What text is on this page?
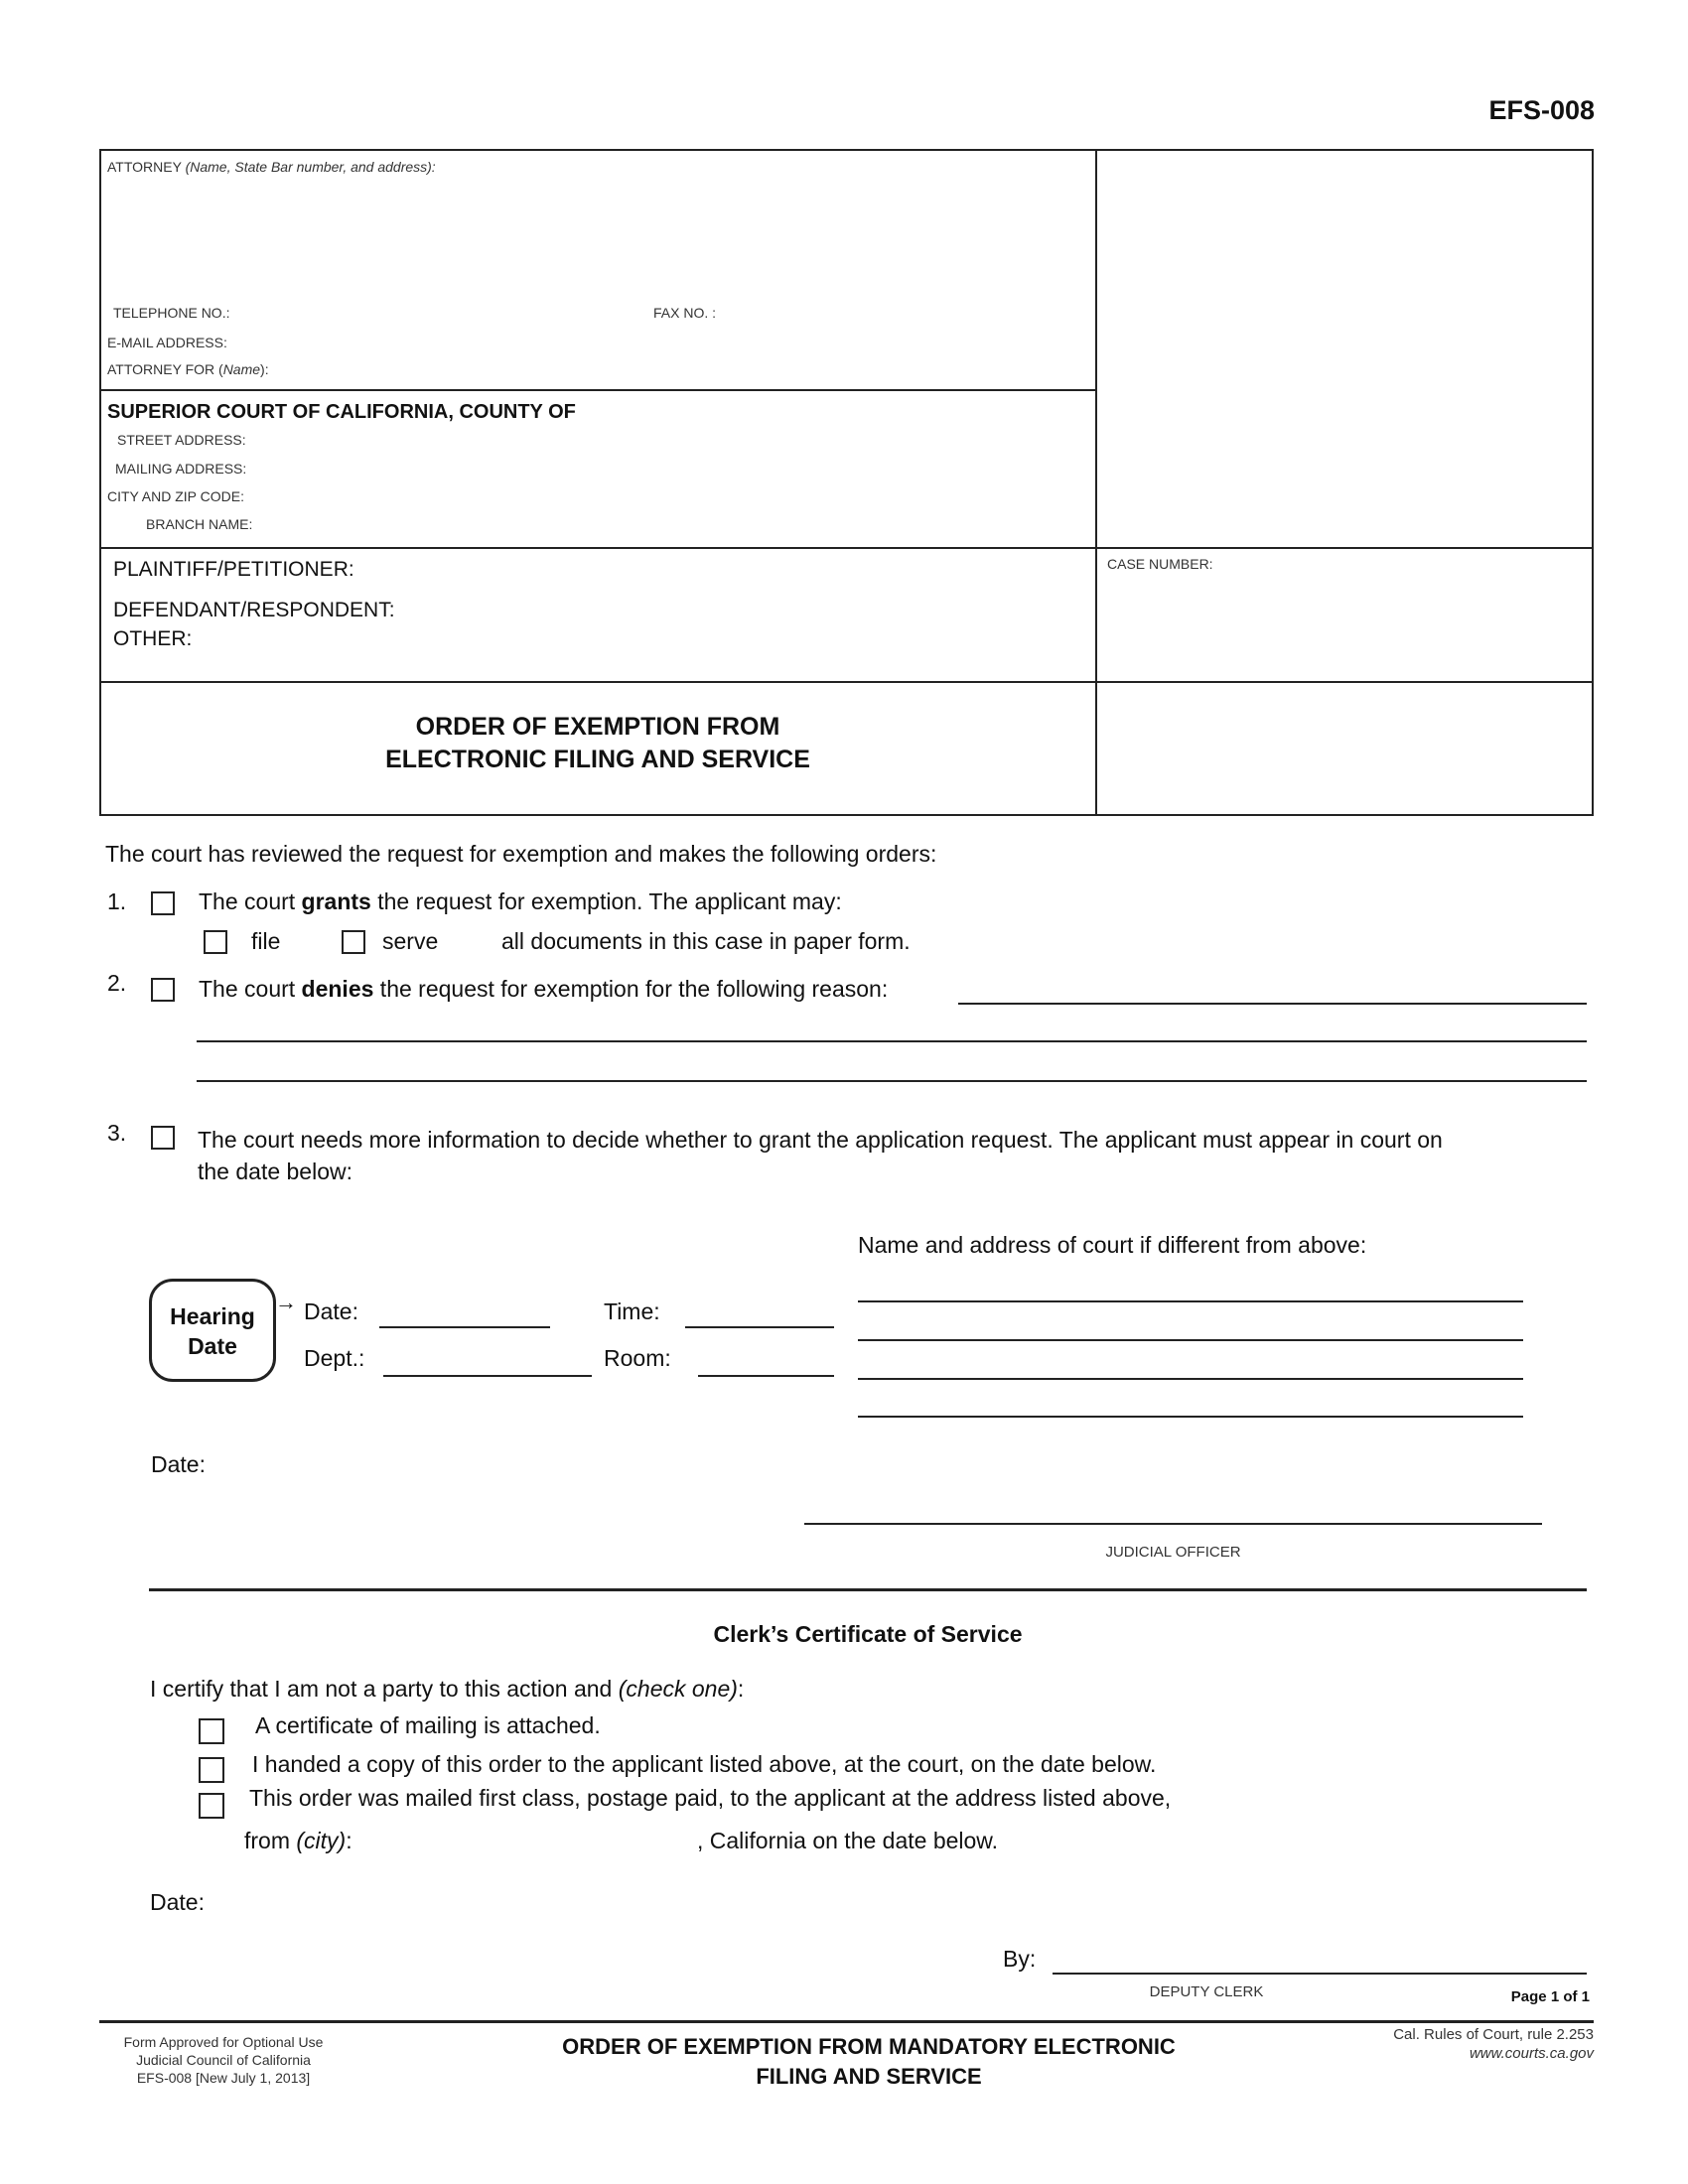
EFS-008
ATTORNEY (Name, State Bar number, and address):
TELEPHONE NO.:	FAX NO. :
E-MAIL ADDRESS:
ATTORNEY FOR (Name):
SUPERIOR COURT OF CALIFORNIA, COUNTY OF
STREET ADDRESS:
MAILING ADDRESS:
CITY AND ZIP CODE:
BRANCH NAME:
PLAINTIFF/PETITIONER:
DEFENDANT/RESPONDENT:
OTHER:
CASE NUMBER:
ORDER OF EXEMPTION FROM
ELECTRONIC FILING AND SERVICE
The court has reviewed the request for exemption and makes the following orders:
1.	The court grants the request for exemption. The applicant may:
file	serve	all documents in this case in paper form.
2.	The court denies the request for exemption for the following reason:
3.	The court needs more information to decide whether to grant the application request. The applicant must appear in court on
the date below:
Hearing
Date
→ Date:	Time:
Dept.:	Room:
Name and address of court if different from above:
Date:
JUDICIAL OFFICER
Clerk’s Certificate of Service
I certify that I am not a party to this action and (check one):
A certificate of mailing is attached.
I handed a copy of this order to the applicant listed above, at the court, on the date below.
This order was mailed first class, postage paid, to the applicant at the address listed above,
from (city):	, California on the date below.
Date:
By:
DEPUTY CLERK	Page 1 of 1
Form Approved for Optional Use
Judicial Council of California
EFS-008 [New July 1, 2013]
ORDER OF EXEMPTION FROM MANDATORY ELECTRONIC
FILING AND SERVICE
Cal. Rules of Court, rule 2.253
www.courts.ca.gov
